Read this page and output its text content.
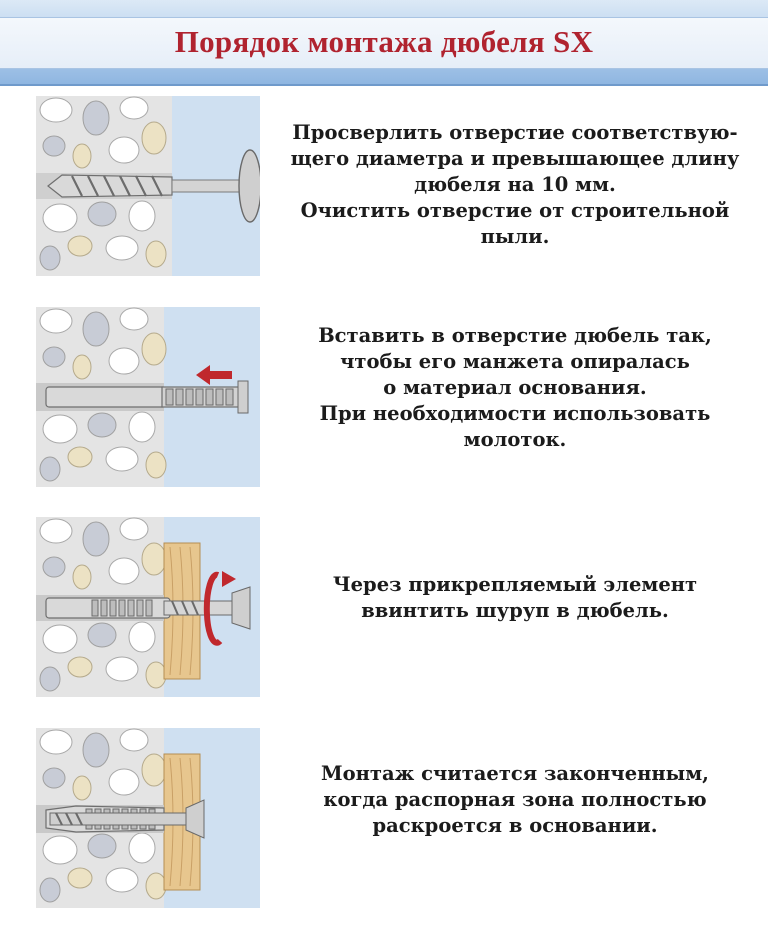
Порядок монтажа дюбеля SX
Просверлить отверстие соответствую-
щего диаметра и превышающее длину
дюбеля на 10 мм.
Очистить отверстие от строительной
пыли.
Вставить в отверстие дюбель так,
чтобы его манжета опиралась
о материал основания.
При необходимости использовать
молоток.
Через прикрепляемый элемент
ввинтить шуруп в дюбель.
Монтаж считается законченным,
когда распорная зона полностью
раскроется в основании.
